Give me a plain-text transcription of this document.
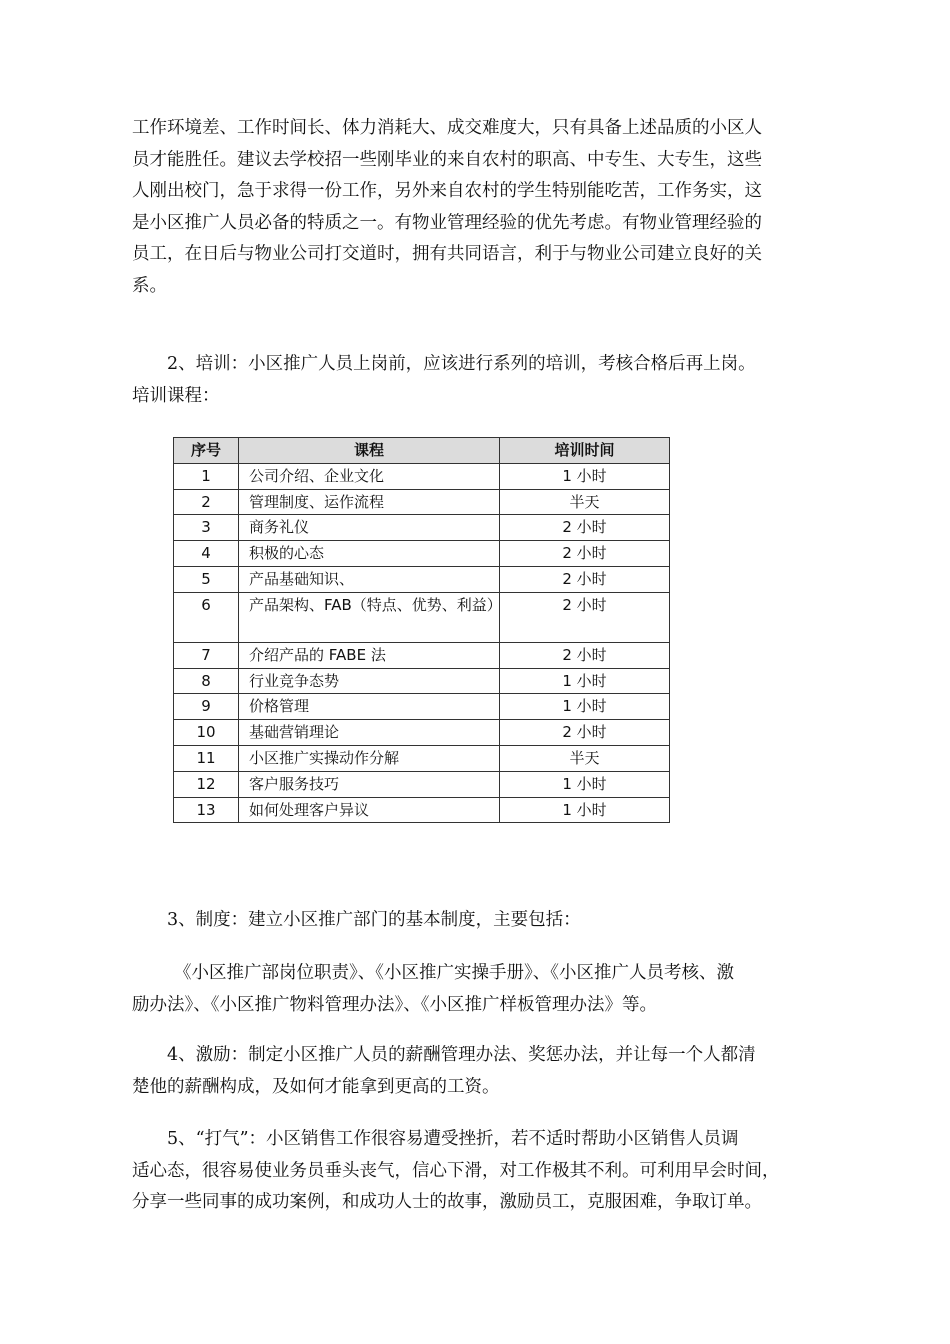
工作环境差、工作时间长、体力消耗大、成交难度大，只有具备上述品质的小区人
员才能胜任。建议去学校招一些刚毕业的来自农村的职高、中专生、大专生，这些
人刚出校门，急于求得一份工作，另外来自农村的学生特别能吃苦，工作务实，这
是小区推广人员必备的特质之一。有物业管理经验的优先考虑。有物业管理经验的
员工，在日后与物业公司打交道时，拥有共同语言，利于与物业公司建立良好的关
系。

2、培训：小区推广人员上岗前，应该进行系列的培训，考核合格后再上岗。
培训课程：

序号	课程	培训时间
1	公司介绍、企业文化	1 小时
2	管理制度、运作流程	半天
3	商务礼仪	2 小时
4	积极的心态	2 小时
5	产品基础知识、	2 小时
6	产品架构、FAB（特点、优势、利益）	2 小时
7	介绍产品的 FABE 法	2 小时
8	行业竞争态势	1 小时
9	价格管理	1 小时
10	基础营销理论	2 小时
11	小区推广实操动作分解	半天
12	客户服务技巧	1 小时
13	如何处理客户异议	1 小时

3、制度：建立小区推广部门的基本制度，主要包括：

《小区推广部岗位职责》、《小区推广实操手册》、《小区推广人员考核、激
励办法》、《小区推广物料管理办法》、《小区推广样板管理办法》等。

4、激励：制定小区推广人员的薪酬管理办法、奖惩办法，并让每一个人都清
楚他的薪酬构成，及如何才能拿到更高的工资。

5、“打气”：小区销售工作很容易遭受挫折，若不适时帮助小区销售人员调
适心态，很容易使业务员垂头丧气，信心下滑，对工作极其不利。可利用早会时间，
分享一些同事的成功案例，和成功人士的故事，激励员工，克服困难，争取订单。
